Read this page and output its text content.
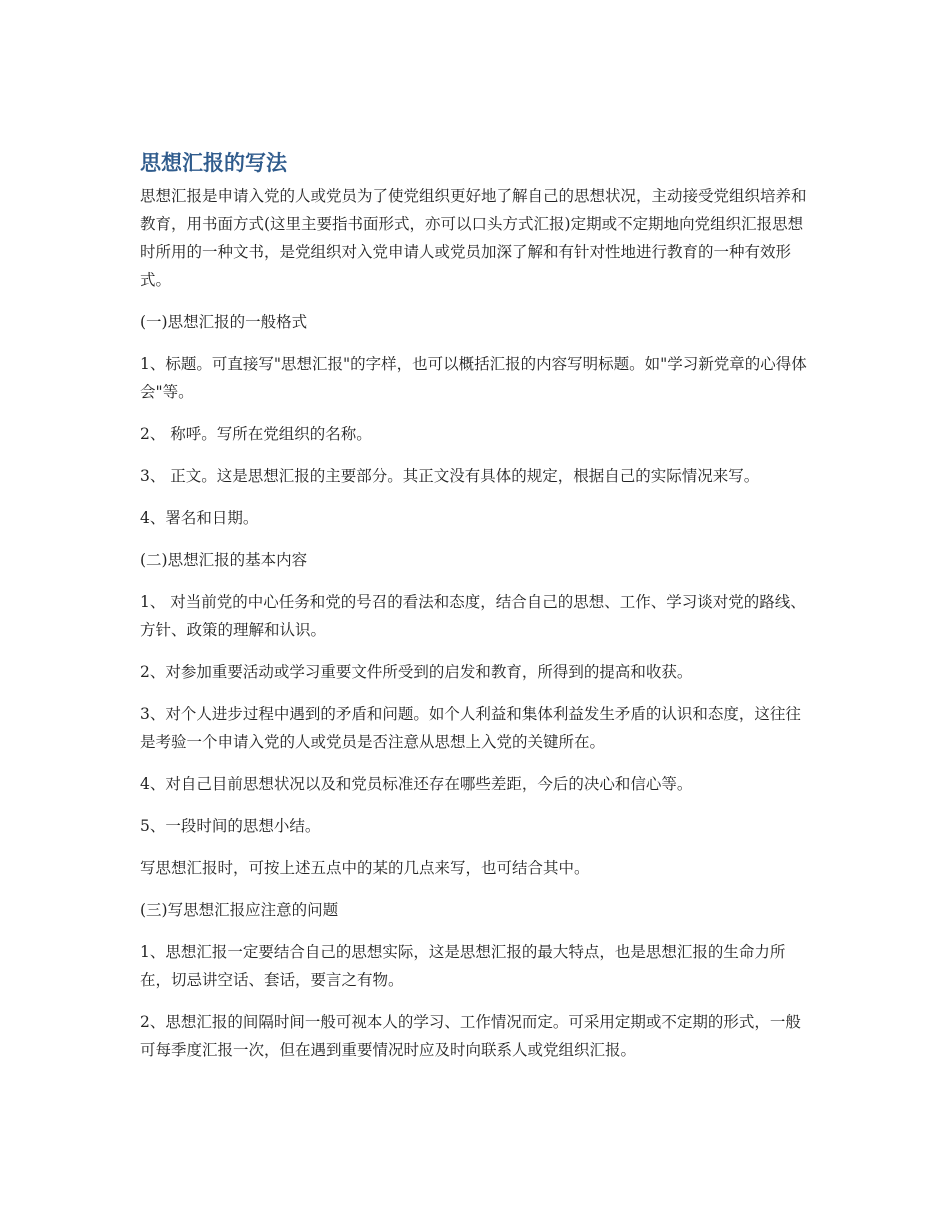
思想汇报的写法

思想汇报是申请入党的人或党员为了使党组织更好地了解自己的思想状况，主动接受党组织培养和教育，用书面方式(这里主要指书面形式，亦可以口头方式汇报)定期或不定期地向党组织汇报思想时所用的一种文书，是党组织对入党申请人或党员加深了解和有针对性地进行教育的一种有效形式。

(一)思想汇报的一般格式

1、标题。可直接写"思想汇报"的字样，也可以概括汇报的内容写明标题。如"学习新党章的心得体会"等。

2、 称呼。写所在党组织的名称。

3、 正文。这是思想汇报的主要部分。其正文没有具体的规定，根据自己的实际情况来写。

4、署名和日期。

(二)思想汇报的基本内容

1、 对当前党的中心任务和党的号召的看法和态度，结合自己的思想、工作、学习谈对党的路线、方针、政策的理解和认识。

2、对参加重要活动或学习重要文件所受到的启发和教育，所得到的提高和收获。

3、对个人进步过程中遇到的矛盾和问题。如个人利益和集体利益发生矛盾的认识和态度，这往往是考验一个申请入党的人或党员是否注意从思想上入党的关键所在。

4、对自己目前思想状况以及和党员标准还存在哪些差距，今后的决心和信心等。

5、一段时间的思想小结。

写思想汇报时，可按上述五点中的某的几点来写，也可结合其中。

(三)写思想汇报应注意的问题

1、思想汇报一定要结合自己的思想实际，这是思想汇报的最大特点，也是思想汇报的生命力所在，切忌讲空话、套话，要言之有物。

2、思想汇报的间隔时间一般可视本人的学习、工作情况而定。可采用定期或不定期的形式，一般可每季度汇报一次，但在遇到重要情况时应及时向联系人或党组织汇报。
